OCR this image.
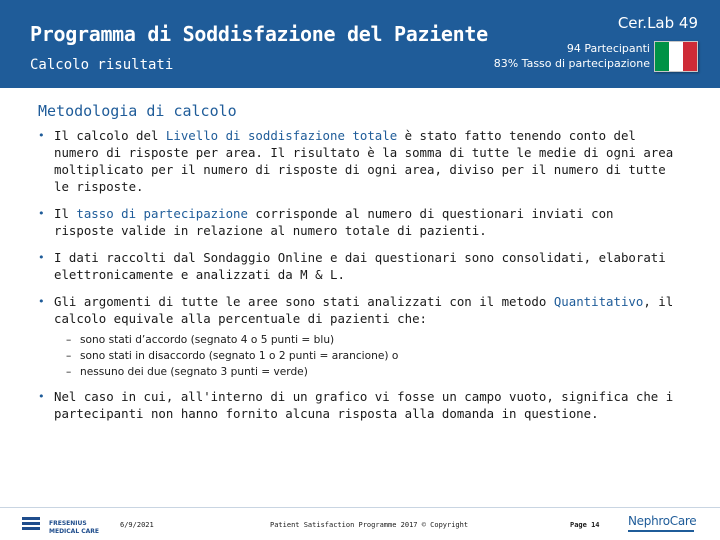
Programma di Soddisfazione del Paziente
Calcolo risultati
Cer.Lab 49
94 Partecipanti
83% Tasso di partecipazione
Metodologia di calcolo
• Il calcolo del Livello di soddisfazione totale è stato fatto tenendo conto del numero di risposte per area. Il risultato è la somma di tutte le medie di ogni area moltiplicato per il numero di risposte di ogni area, diviso per il numero di tutte le risposte.
• Il tasso di partecipazione corrisponde al numero di questionari inviati con risposte valide in relazione al numero totale di pazienti.
• I dati raccolti dal Sondaggio Online e dai questionari sono consolidati, elaborati elettronicamente e analizzati da M & L.
• Gli argomenti di tutte le aree sono stati analizzati con il metodo Quantitativo, il calcolo equivale alla percentuale di pazienti che:
– sono stati d’accordo (segnato 4 o 5 punti = blu)
– sono stati in disaccordo (segnato 1 o 2 punti = arancione) o
– nessuno dei due (segnato 3 punti = verde)
• Nel caso in cui, all'interno di un grafico vi fosse un campo vuoto, significa che i partecipanti non hanno fornito alcuna risposta alla domanda in questione.
FRESENIUS
MEDICAL CARE
6/9/2021	Patient Satisfaction Programme 2017 © Copyright	Page 14 NephroCare
